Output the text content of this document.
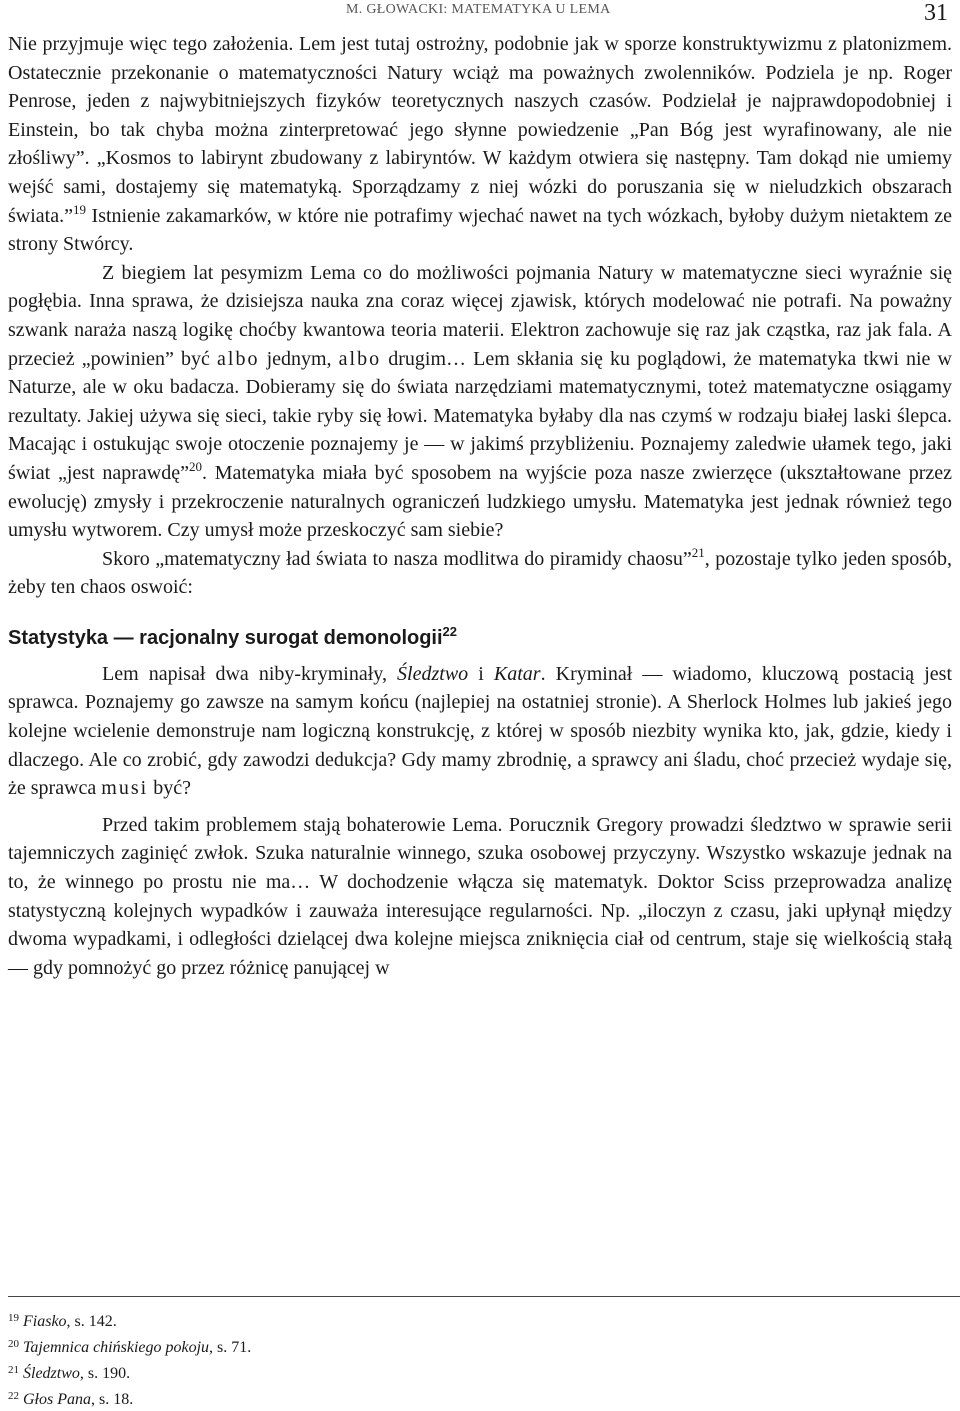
M. GŁOWACKI: MATEMATYKA U LEMA	31

Nie przyjmuje więc tego założenia. Lem jest tutaj ostrożny, podobnie jak w sporze konstruktywizmu z platonizmem. Ostatecznie przekonanie o matematyczności Natury wciąż ma poważnych zwolenników. Podziela je np. Roger Penrose, jeden z najwybitniejszych fizyków teoretycznych naszych czasów. Podzielał je najprawdopodobniej i Einstein, bo tak chyba można zinterpretować jego słynne powiedzenie „Pan Bóg jest wyrafinowany, ale nie złośliwy”. „Kosmos to labirynt zbudowany z labiryntów. W każdym otwiera się następny. Tam dokąd nie umiemy wejść sami, dostajemy się matematyką. Sporządzamy z niej wózki do poruszania się w nieludzkich obszarach świata.”$^{19}$ Istnienie zakamarków, w które nie potrafimy wjechać nawet na tych wózkach, byłoby dużym nietaktem ze strony Stwórcy.

Z biegiem lat pesymizm Lema co do możliwości pojmania Natury w matematyczne sieci wyraźnie się pogłębia. Inna sprawa, że dzisiejsza nauka zna coraz więcej zjawisk, których modelować nie potrafi. Na poważny szwank naraża naszą logikę choćby kwantowa teoria materii. Elektron zachowuje się raz jak cząstka, raz jak fala. A przecież „powinien” być albo jednym, albo drugim… Lem skłania się ku poglądowi, że matematyka tkwi nie w Naturze, ale w oku badacza. Dobieramy się do świata narzędziami matematycznymi, toteż matematyczne osiągamy rezultaty. Jakiej używa się sieci, takie ryby się łowi. Matematyka byłaby dla nas czymś w rodzaju białej laski ślepca. Macając i ostukując swoje otoczenie poznajemy je — w jakimś przybliżeniu. Poznajemy zaledwie ułamek tego, jaki świat „jest naprawdę”$^{20}$. Matematyka miała być sposobem na wyjście poza nasze zwierzęce (ukształtowane przez ewolucję) zmysły i przekroczenie naturalnych ograniczeń ludzkiego umysłu. Matematyka jest jednak również tego umysłu wytworem. Czy umysł może przeskoczyć sam siebie?

Skoro „matematyczny ład świata to nasza modlitwa do piramidy chaosu”$^{21}$, pozostaje tylko jeden sposób, żeby ten chaos oswoić:

Statystyka — racjonalny surogat demonologii$^{22}$

Lem napisał dwa niby-kryminały, Śledztwo i Katar. Kryminał — wiadomo, kluczową postacią jest sprawca. Poznajemy go zawsze na samym końcu (najlepiej na ostatniej stronie). A Sherlock Holmes lub jakieś jego kolejne wcielenie demonstruje nam logiczną konstrukcję, z której w sposób niezbity wynika kto, jak, gdzie, kiedy i dlaczego. Ale co zrobić, gdy zawodzi dedukcja? Gdy mamy zbrodnię, a sprawcy ani śladu, choć przecież wydaje się, że sprawca musi być?

Przed takim problemem stają bohaterowie Lema. Porucznik Gregory prowadzi śledztwo w sprawie serii tajemniczych zaginięć zwłok. Szuka naturalnie winnego, szuka osobowej przyczyny. Wszystko wskazuje jednak na to, że winnego po prostu nie ma… W dochodzenie włącza się matematyk. Doktor Sciss przeprowadza analizę statystyczną kolejnych wypadków i zauważa interesujące regularności. Np. „iloczyn z czasu, jaki upłynął między dwoma wypadkami, i odległości dzielącej dwa kolejne miejsca zniknięcia ciał od centrum, staje się wielkością stałą — gdy pomnożyć go przez różnicę panującej w

$^{19}$ Fiasko, s. 142.
$^{20}$ Tajemnica chińskiego pokoju, s. 71.
$^{21}$ Śledztwo, s. 190.
$^{22}$ Głos Pana, s. 18.
